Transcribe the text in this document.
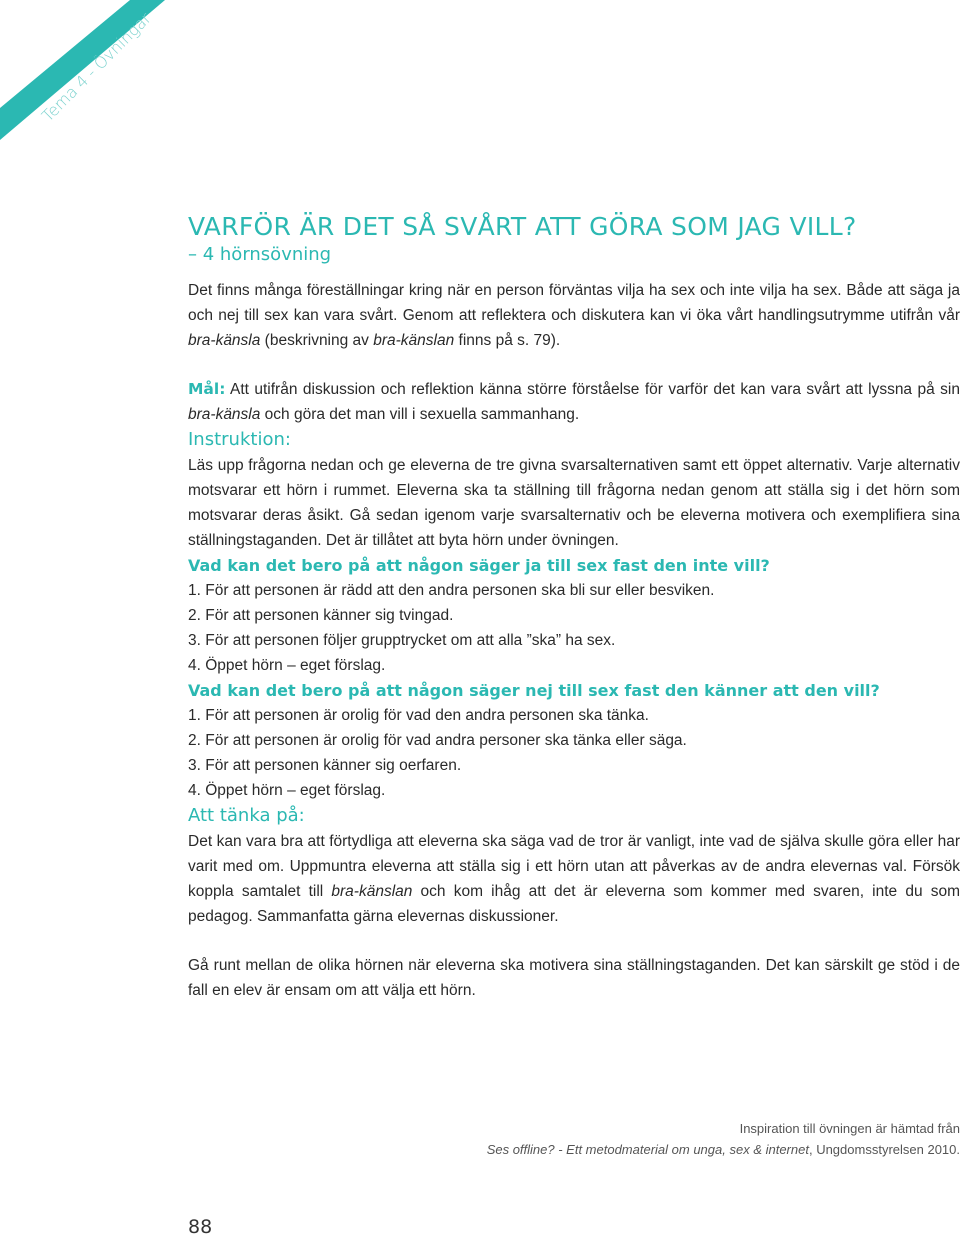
Tema 4 - Övningar
VARFÖR ÄR DET SÅ SVÅRT ATT GÖRA SOM JAG VILL?
– 4 hörnsövning

Det finns många föreställningar kring när en person förväntas vilja ha sex och inte vilja ha sex. Både att säga ja och nej till sex kan vara svårt. Genom att reflektera och diskutera kan vi öka vårt handlingsutrymme utifrån vår bra-känsla (beskrivning av bra-känslan finns på s. 79).

Mål: Att utifrån diskussion och reflektion känna större förståelse för varför det kan vara svårt att lyssna på sin bra-känsla och göra det man vill i sexuella sammanhang.

Instruktion:

Läs upp frågorna nedan och ge eleverna de tre givna svarsalternativen samt ett öppet alternativ. Varje alternativ motsvarar ett hörn i rummet. Eleverna ska ta ställning till frågorna nedan genom att ställa sig i det hörn som motsvarar deras åsikt. Gå sedan igenom varje svarsalternativ och be eleverna motivera och exemplifiera sina ställningstaganden. Det är tillåtet att byta hörn under övningen.

Vad kan det bero på att någon säger ja till sex fast den inte vill?
1. För att personen är rädd att den andra personen ska bli sur eller besviken.
2. För att personen känner sig tvingad.
3. För att personen följer grupptrycket om att alla ”ska” ha sex.
4. Öppet hörn – eget förslag.
Vad kan det bero på att någon säger nej till sex fast den känner att den vill?
1. För att personen är orolig för vad den andra personen ska tänka.
2. För att personen är orolig för vad andra personer ska tänka eller säga.
3. För att personen känner sig oerfaren.
4. Öppet hörn – eget förslag.
Att tänka på:

Det kan vara bra att förtydliga att eleverna ska säga vad de tror är vanligt, inte vad de själva skulle göra eller har varit med om. Uppmuntra eleverna att ställa sig i ett hörn utan att påverkas av de andra elevernas val. Försök koppla samtalet till bra-känslan och kom ihåg att det är eleverna som kommer med svaren, inte du som pedagog. Sammanfatta gärna elevernas diskussioner.

Gå runt mellan de olika hörnen när eleverna ska motivera sina ställningstaganden. Det kan särskilt ge stöd i de fall en elev är ensam om att välja ett hörn.

Inspiration till övningen är hämtad från
Ses offline? - Ett metodmaterial om unga, sex & internet, Ungdomsstyrelsen 2010.
88
